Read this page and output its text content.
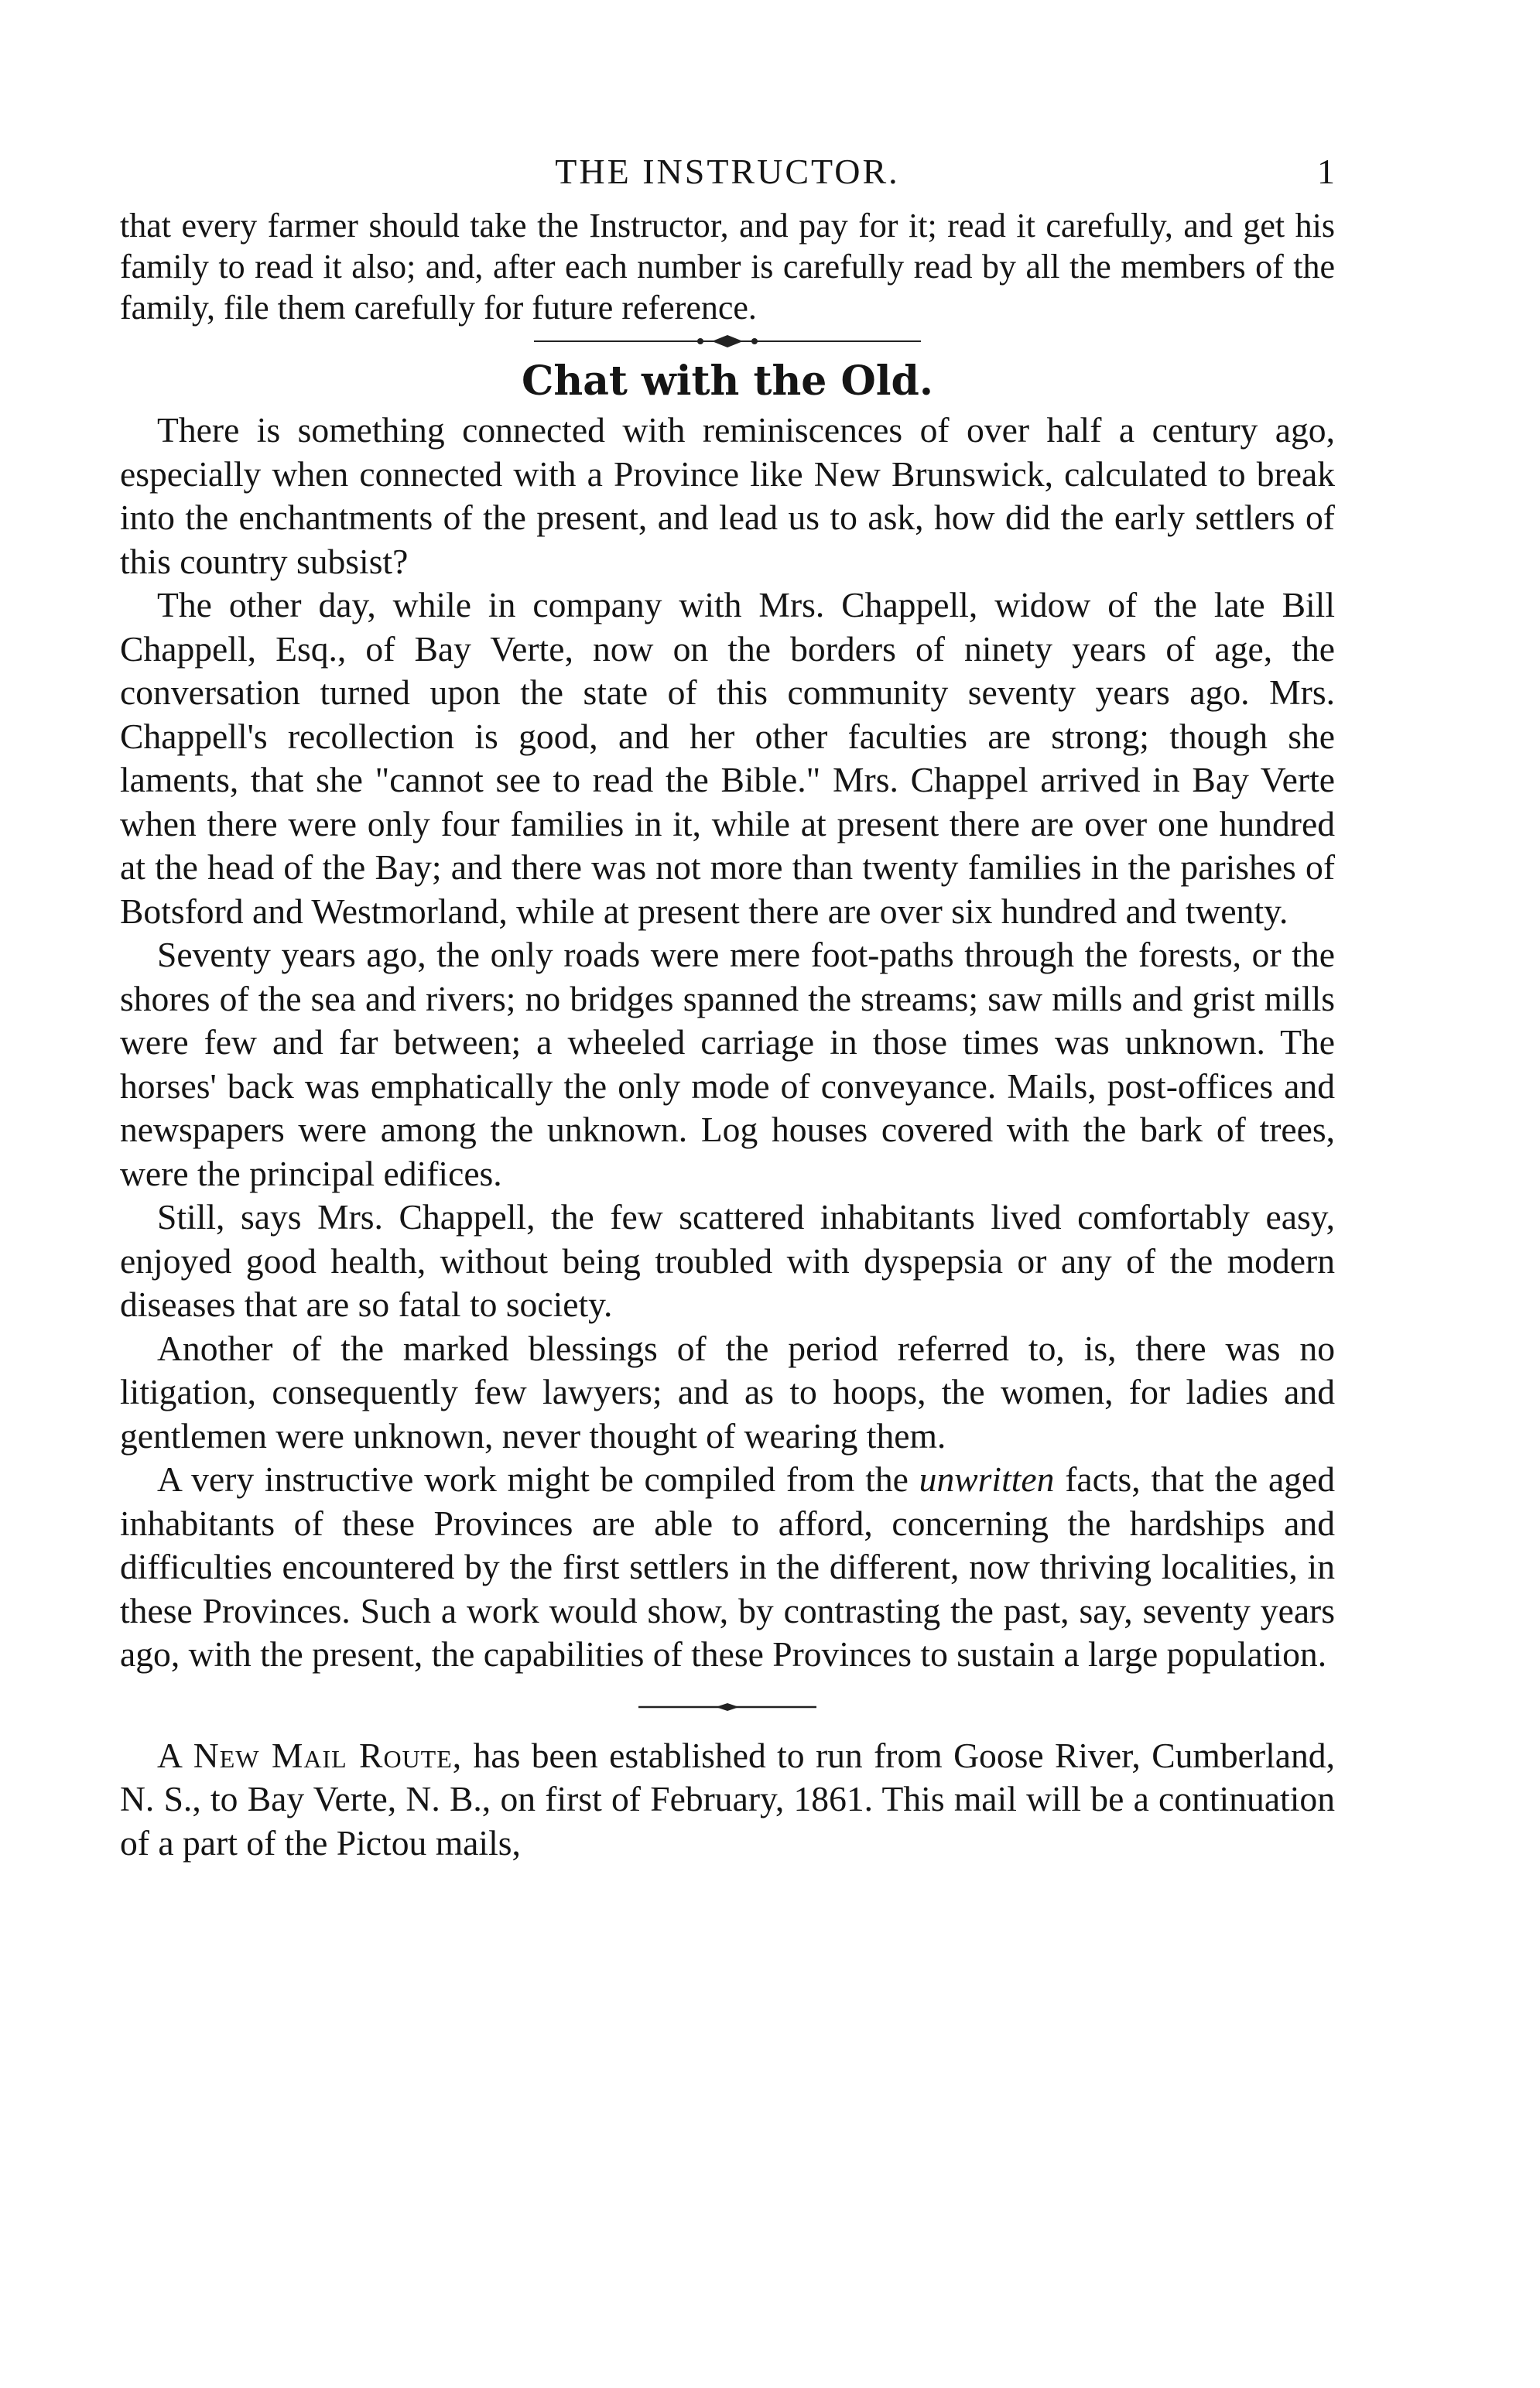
THE INSTRUCTOR.	1

that every farmer should take the Instructor, and pay for it; read it carefully, and get his family to read it also; and, after each number is carefully read by all the members of the family, file them carefully for future reference.

Chat with the Old.

There is something connected with reminiscences of over half a century ago, especially when connected with a Province like New Brunswick, calculated to break into the enchantments of the present, and lead us to ask, how did the early settlers of this country subsist?

The other day, while in company with Mrs. Chappell, widow of the late Bill Chappell, Esq., of Bay Verte, now on the borders of ninety years of age, the conversation turned upon the state of this community seventy years ago. Mrs. Chappell's recollection is good, and her other faculties are strong; though she laments, that she "cannot see to read the Bible." Mrs. Chappel arrived in Bay Verte when there were only four families in it, while at present there are over one hundred at the head of the Bay; and there was not more than twenty families in the parishes of Botsford and Westmorland, while at present there are over six hundred and twenty.

Seventy years ago, the only roads were mere foot-paths through the forests, or the shores of the sea and rivers; no bridges spanned the streams; saw mills and grist mills were few and far between; a wheeled carriage in those times was unknown. The horses' back was emphatically the only mode of conveyance. Mails, post-offices and newspapers were among the unknown. Log houses covered with the bark of trees, were the principal edifices.

Still, says Mrs. Chappell, the few scattered inhabitants lived comfortably easy, enjoyed good health, without being troubled with dyspepsia or any of the modern diseases that are so fatal to society.

Another of the marked blessings of the period referred to, is, there was no litigation, consequently few lawyers; and as to hoops, the women, for ladies and gentlemen were unknown, never thought of wearing them.

A very instructive work might be compiled from the unwritten facts, that the aged inhabitants of these Provinces are able to afford, concerning the hardships and difficulties encountered by the first settlers in the different, now thriving localities, in these Provinces. Such a work would show, by contrasting the past, say, seventy years ago, with the present, the capabilities of these Provinces to sustain a large population.

A New Mail Route, has been established to run from Goose River, Cumberland, N. S., to Bay Verte, N. B., on first of February, 1861. This mail will be a continuation of a part of the Pictou mails,
